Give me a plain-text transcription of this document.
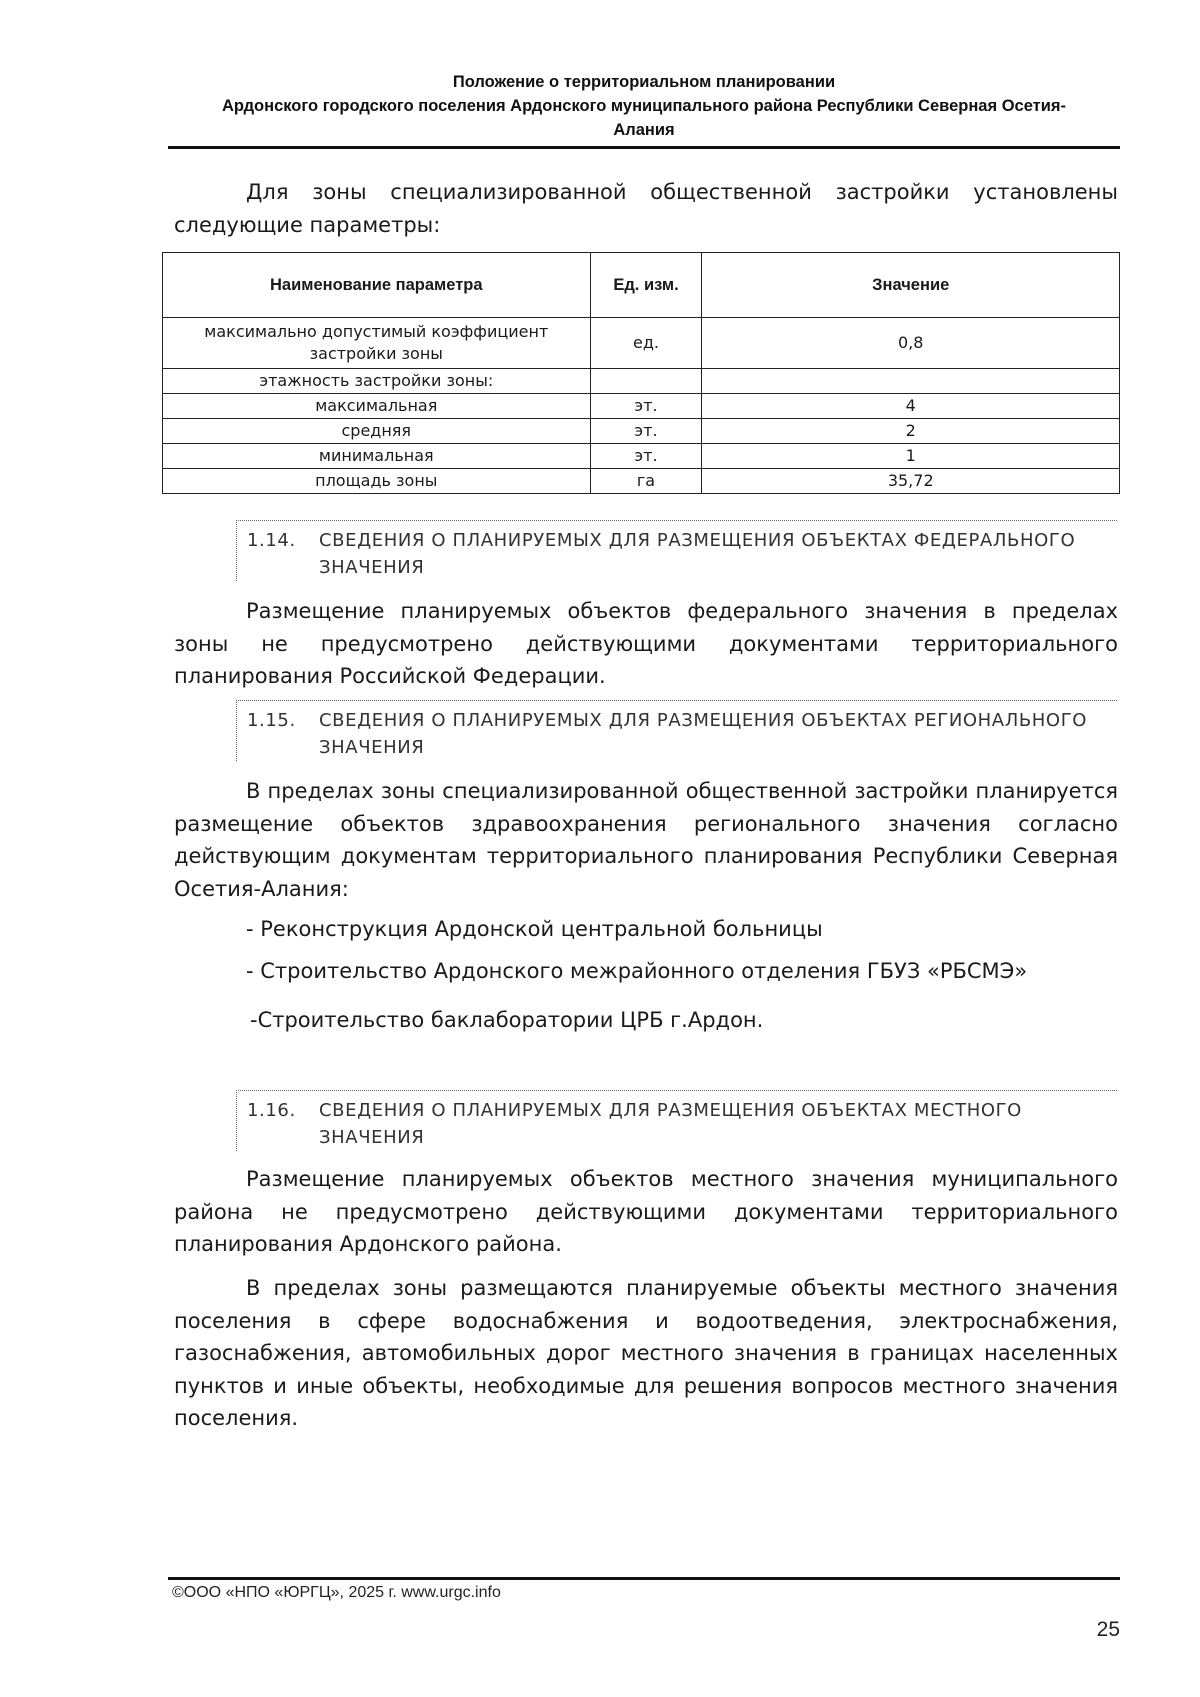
Положение о территориальном планировании
Ардонского городского поселения Ардонского муниципального района Республики Северная Осетия-
Алания
Для зоны специализированной общественной застройки установлены следующие параметры:
Наименование параметра	Ед. изм.	Значение
максимально допустимый коэффициент застройки зоны	ед.	0,8
этажность застройки зоны:		
максимальная	эт.	4
средняя	эт.	2
минимальная	эт.	1
площадь зоны	га	35,72
1.14. СВЕДЕНИЯ О ПЛАНИРУЕМЫХ ДЛЯ РАЗМЕЩЕНИЯ ОБЪЕКТАХ ФЕДЕРАЛЬНОГО ЗНАЧЕНИЯ
Размещение планируемых объектов федерального значения в пределах зоны не предусмотрено действующими документами территориального планирования Российской Федерации.
1.15. СВЕДЕНИЯ О ПЛАНИРУЕМЫХ ДЛЯ РАЗМЕЩЕНИЯ ОБЪЕКТАХ РЕГИОНАЛЬНОГО ЗНАЧЕНИЯ
В пределах зоны специализированной общественной застройки планируется размещение объектов здравоохранения регионального значения согласно действующим документам территориального планирования Республики Северная Осетия-Алания:
- Реконструкция Ардонской центральной больницы
- Строительство Ардонского межрайонного отделения ГБУЗ «РБСМЭ»
-Строительство баклаборатории ЦРБ г.Ардон.
1.16. СВЕДЕНИЯ О ПЛАНИРУЕМЫХ ДЛЯ РАЗМЕЩЕНИЯ ОБЪЕКТАХ МЕСТНОГО ЗНАЧЕНИЯ
Размещение планируемых объектов местного значения муниципального района не предусмотрено действующими документами территориального планирования Ардонского района.
В пределах зоны размещаются планируемые объекты местного значения поселения в сфере водоснабжения и водоотведения, электроснабжения, газоснабжения, автомобильных дорог местного значения в границах населенных пунктов и иные объекты, необходимые для решения вопросов местного значения поселения.
©ООО «НПО «ЮРГЦ», 2025 г. www.urgc.info
25
